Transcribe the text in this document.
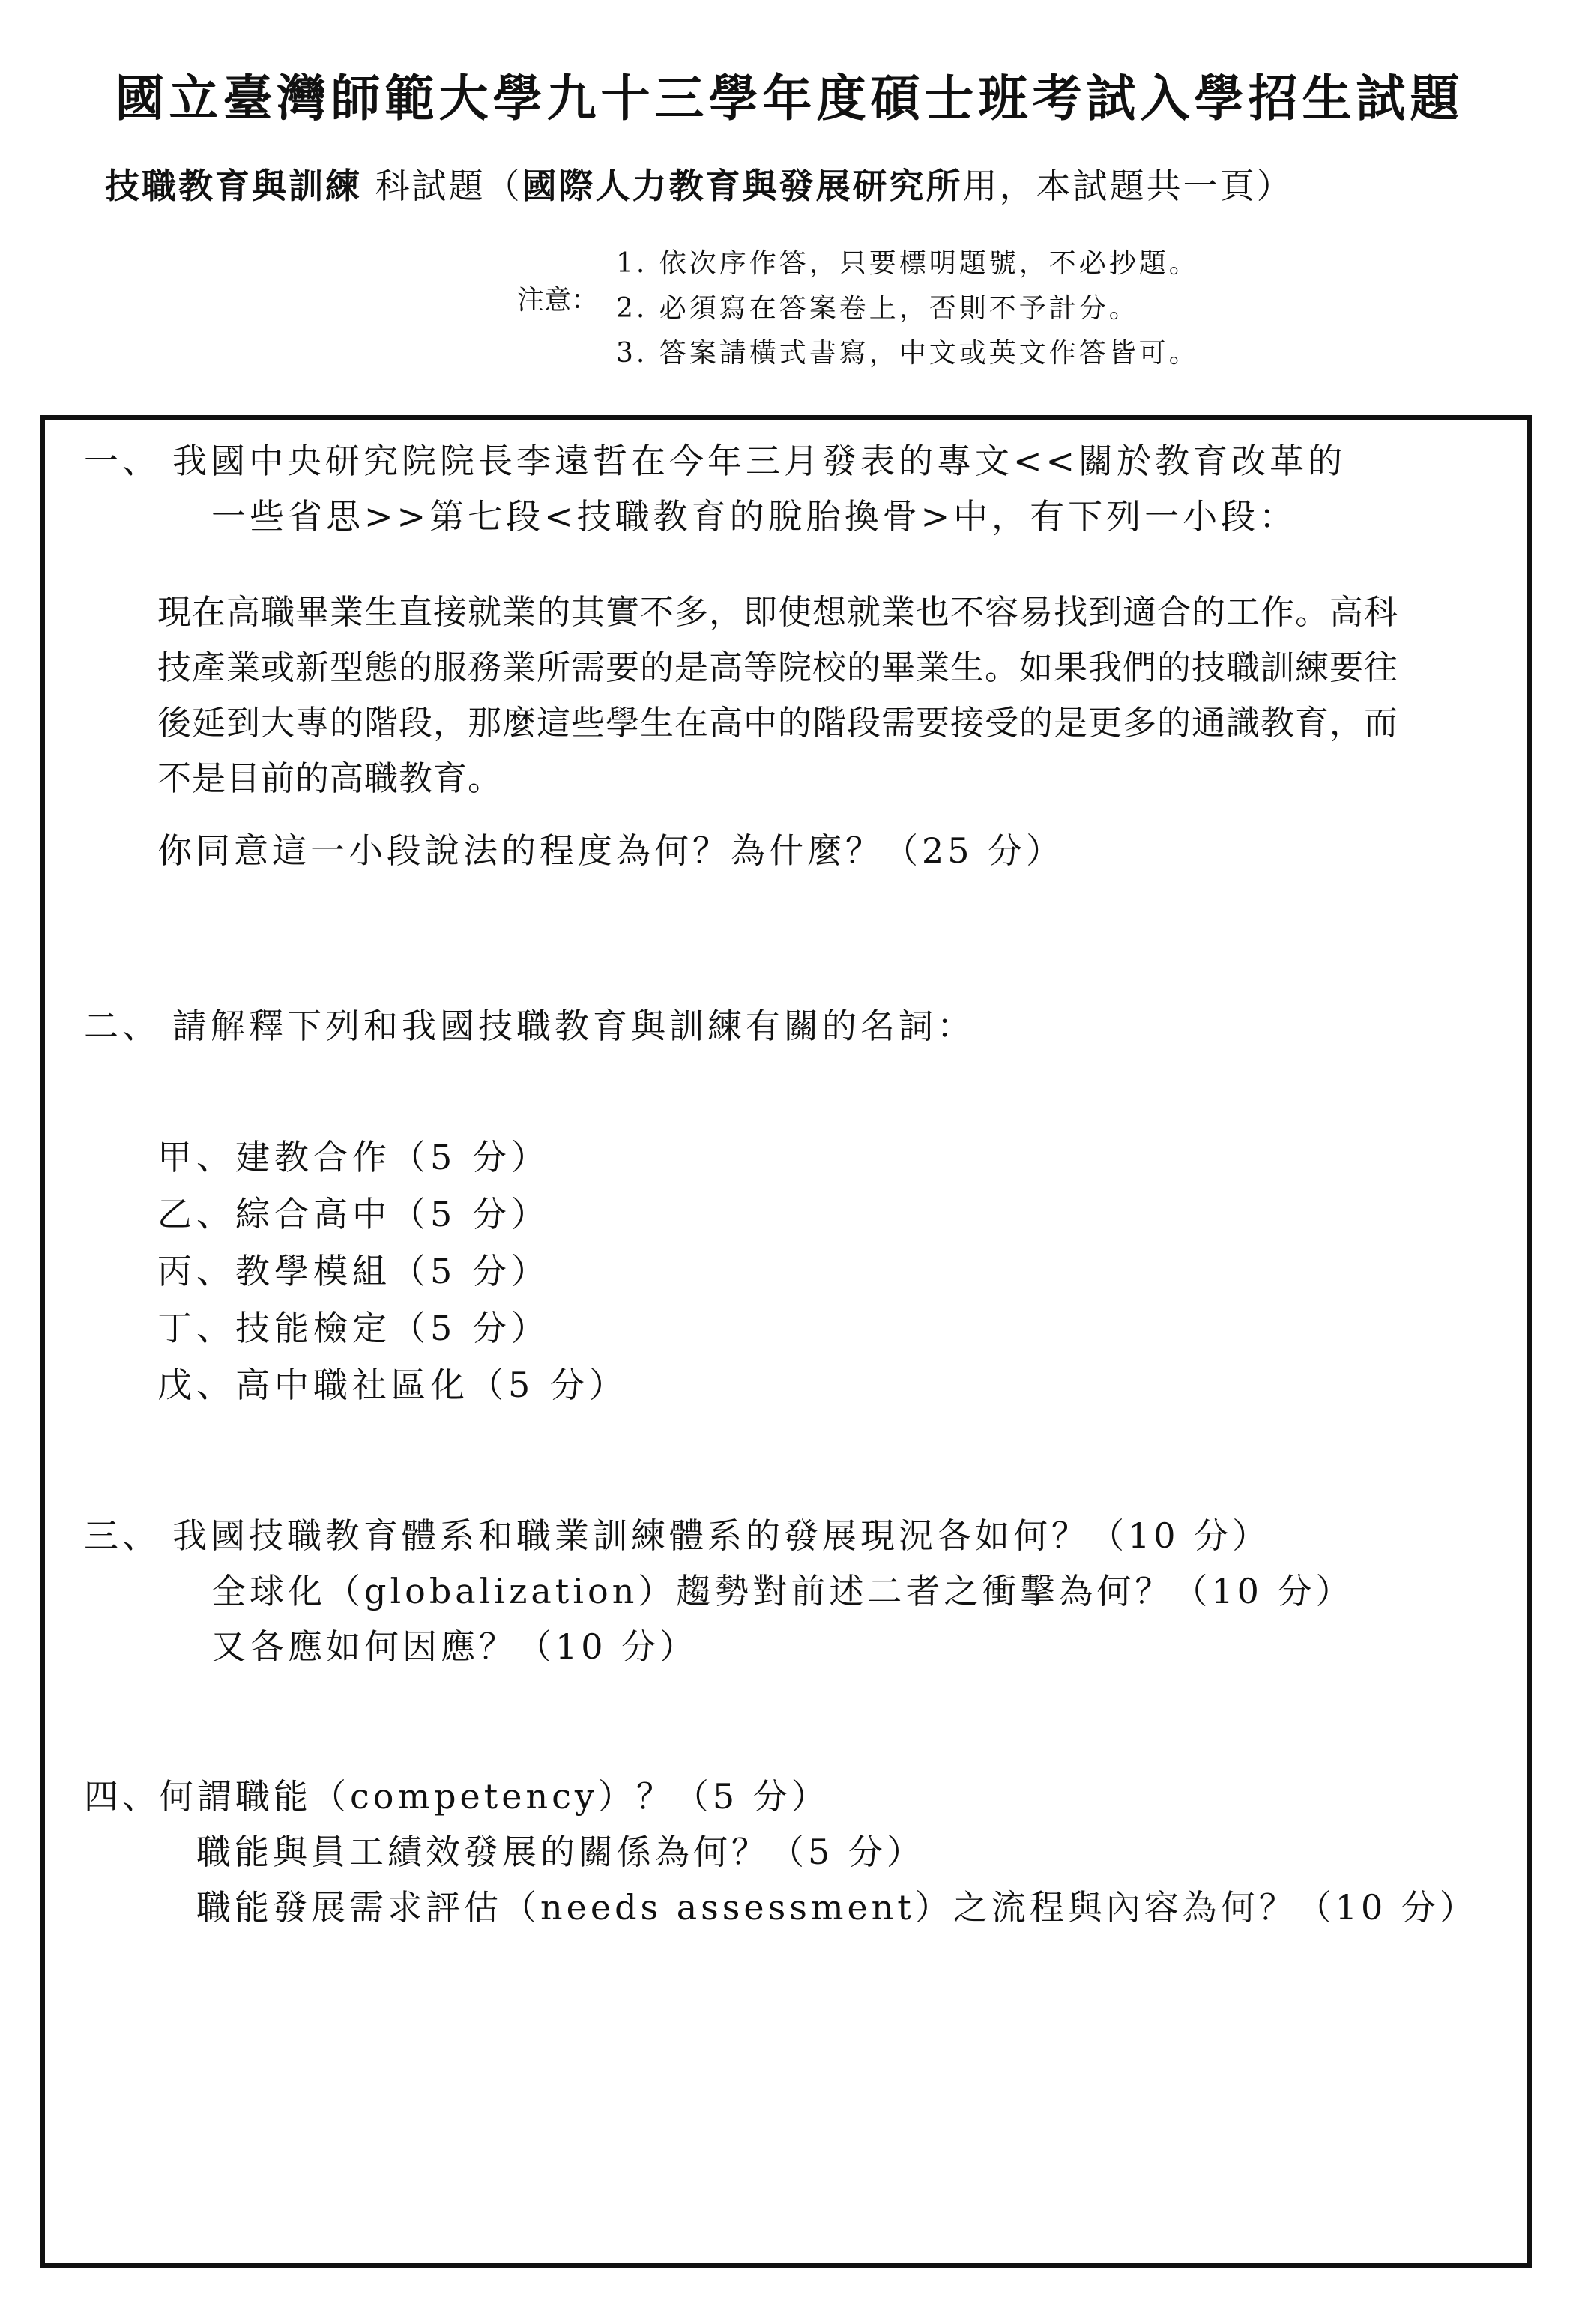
國立臺灣師範大學九十三學年度碩士班考試入學招生試題
技職教育與訓練 科試題（國際人力教育與發展研究所用，本試題共一頁）
注意：
1. 依次序作答，只要標明題號，不必抄題。
2. 必須寫在答案卷上，否則不予計分。
3. 答案請橫式書寫，中文或英文作答皆可。
一、 我國中央研究院院長李遠哲在今年三月發表的專文<<關於教育改革的
一些省思>>第七段<技職教育的脫胎換骨>中，有下列一小段：
現在高職畢業生直接就業的其實不多，即使想就業也不容易找到適合的工作。高科
技產業或新型態的服務業所需要的是高等院校的畢業生。如果我們的技職訓練要往
後延到大專的階段，那麼這些學生在高中的階段需要接受的是更多的通識教育，而
不是目前的高職教育。
你同意這一小段說法的程度為何？為什麼？（25 分）
二、 請解釋下列和我國技職教育與訓練有關的名詞：
甲、建教合作（5 分）
乙、綜合高中（5 分）
丙、教學模組（5 分）
丁、技能檢定（5 分）
戊、高中職社區化（5 分）
三、 我國技職教育體系和職業訓練體系的發展現況各如何？（10 分）
全球化（globalization）趨勢對前述二者之衝擊為何？（10 分）
又各應如何因應？（10 分）
四、
何謂職能（competency）？（5 分）
職能與員工績效發展的關係為何？（5 分）
職能發展需求評估（needs assessment）之流程與內容為何？（10 分）
